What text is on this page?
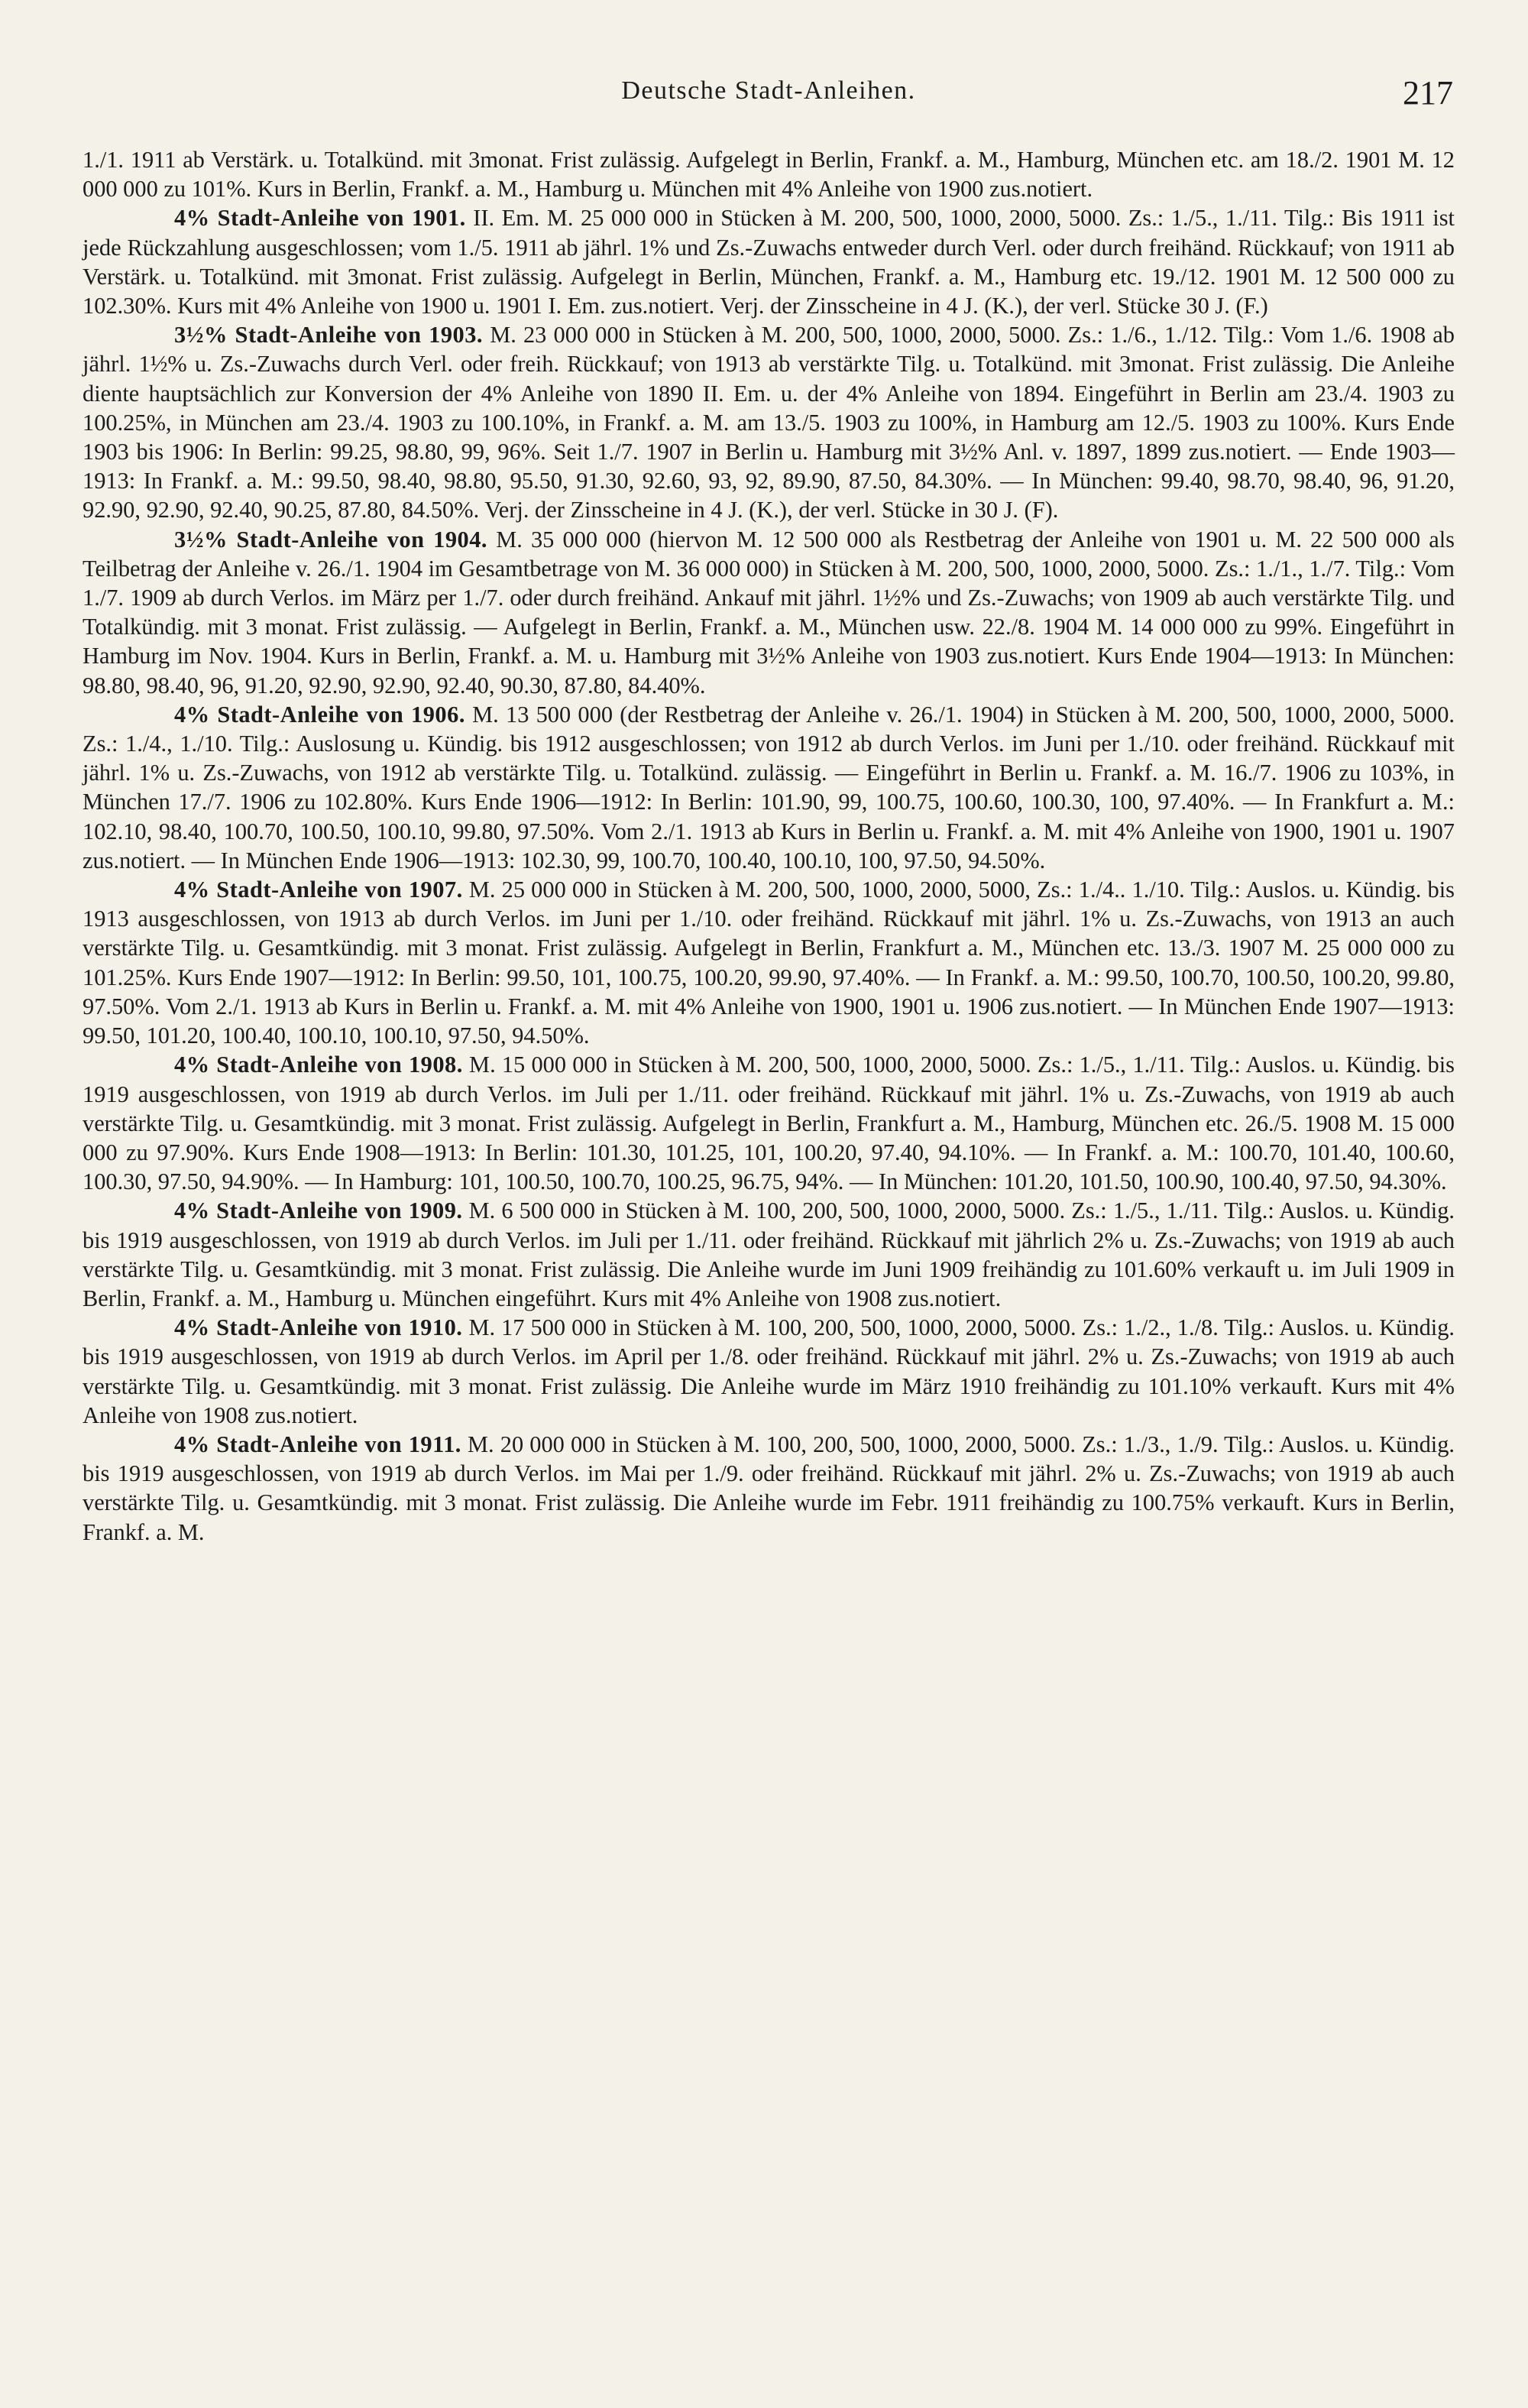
Deutsche Stadt-Anleihen.	217

1./1. 1911 ab Verstärk. u. Totalkünd. mit 3monat. Frist zulässig. Aufgelegt in Berlin, Frankf. a. M., Hamburg, München etc. am 18./2. 1901 M. 12 000 000 zu 101%. Kurs in Berlin, Frankf. a. M., Hamburg u. München mit 4% Anleihe von 1900 zus.notiert.

4% Stadt-Anleihe von 1901. II. Em. M. 25 000 000 in Stücken à M. 200, 500, 1000, 2000, 5000. Zs.: 1./5., 1./11. Tilg.: Bis 1911 ist jede Rückzahlung ausgeschlossen; vom 1./5. 1911 ab jährl. 1% und Zs.-Zuwachs entweder durch Verl. oder durch freihänd. Rückkauf; von 1911 ab Verstärk. u. Totalkünd. mit 3monat. Frist zulässig. Aufgelegt in Berlin, München, Frankf. a. M., Hamburg etc. 19./12. 1901 M. 12 500 000 zu 102.30%. Kurs mit 4% Anleihe von 1900 u. 1901 I. Em. zus.notiert. Verj. der Zinsscheine in 4 J. (K.), der verl. Stücke 30 J. (F.)

3½% Stadt-Anleihe von 1903. M. 23 000 000 in Stücken à M. 200, 500, 1000, 2000, 5000. Zs.: 1./6., 1./12. Tilg.: Vom 1./6. 1908 ab jährl. 1½% u. Zs.-Zuwachs durch Verl. oder freih. Rückkauf; von 1913 ab verstärkte Tilg. u. Totalkünd. mit 3monat. Frist zulässig. Die Anleihe diente hauptsächlich zur Konversion der 4% Anleihe von 1890 II. Em. u. der 4% Anleihe von 1894. Eingeführt in Berlin am 23./4. 1903 zu 100.25%, in München am 23./4. 1903 zu 100.10%, in Frankf. a. M. am 13./5. 1903 zu 100%, in Hamburg am 12./5. 1903 zu 100%. Kurs Ende 1903 bis 1906: In Berlin: 99.25, 98.80, 99, 96%. Seit 1./7. 1907 in Berlin u. Hamburg mit 3½% Anl. v. 1897, 1899 zus.notiert. — Ende 1903—1913: In Frankf. a. M.: 99.50, 98.40, 98.80, 95.50, 91.30, 92.60, 93, 92, 89.90, 87.50, 84.30%. — In München: 99.40, 98.70, 98.40, 96, 91.20, 92.90, 92.90, 92.40, 90.25, 87.80, 84.50%. Verj. der Zinsscheine in 4 J. (K.), der verl. Stücke in 30 J. (F).

3½% Stadt-Anleihe von 1904. M. 35 000 000 (hiervon M. 12 500 000 als Restbetrag der Anleihe von 1901 u. M. 22 500 000 als Teilbetrag der Anleihe v. 26./1. 1904 im Gesamtbetrage von M. 36 000 000) in Stücken à M. 200, 500, 1000, 2000, 5000. Zs.: 1./1., 1./7. Tilg.: Vom 1./7. 1909 ab durch Verlos. im März per 1./7. oder durch freihänd. Ankauf mit jährl. 1½% und Zs.-Zuwachs; von 1909 ab auch verstärkte Tilg. und Totalkündig. mit 3 monat. Frist zulässig. — Aufgelegt in Berlin, Frankf. a. M., München usw. 22./8. 1904 M. 14 000 000 zu 99%. Eingeführt in Hamburg im Nov. 1904. Kurs in Berlin, Frankf. a. M. u. Hamburg mit 3½% Anleihe von 1903 zus.notiert. Kurs Ende 1904—1913: In München: 98.80, 98.40, 96, 91.20, 92.90, 92.90, 92.40, 90.30, 87.80, 84.40%.

4% Stadt-Anleihe von 1906. M. 13 500 000 (der Restbetrag der Anleihe v. 26./1. 1904) in Stücken à M. 200, 500, 1000, 2000, 5000. Zs.: 1./4., 1./10. Tilg.: Auslosung u. Kündig. bis 1912 ausgeschlossen; von 1912 ab durch Verlos. im Juni per 1./10. oder freihänd. Rückkauf mit jährl. 1% u. Zs.-Zuwachs, von 1912 ab verstärkte Tilg. u. Totalkünd. zulässig. — Eingeführt in Berlin u. Frankf. a. M. 16./7. 1906 zu 103%, in München 17./7. 1906 zu 102.80%. Kurs Ende 1906—1912: In Berlin: 101.90, 99, 100.75, 100.60, 100.30, 100, 97.40%. — In Frankfurt a. M.: 102.10, 98.40, 100.70, 100.50, 100.10, 99.80, 97.50%. Vom 2./1. 1913 ab Kurs in Berlin u. Frankf. a. M. mit 4% Anleihe von 1900, 1901 u. 1907 zus.notiert. — In München Ende 1906—1913: 102.30, 99, 100.70, 100.40, 100.10, 100, 97.50, 94.50%.

4% Stadt-Anleihe von 1907. M. 25 000 000 in Stücken à M. 200, 500, 1000, 2000, 5000, Zs.: 1./4.. 1./10. Tilg.: Auslos. u. Kündig. bis 1913 ausgeschlossen, von 1913 ab durch Verlos. im Juni per 1./10. oder freihänd. Rückkauf mit jährl. 1% u. Zs.-Zuwachs, von 1913 an auch verstärkte Tilg. u. Gesamtkündig. mit 3 monat. Frist zulässig. Aufgelegt in Berlin, Frankfurt a. M., München etc. 13./3. 1907 M. 25 000 000 zu 101.25%. Kurs Ende 1907—1912: In Berlin: 99.50, 101, 100.75, 100.20, 99.90, 97.40%. — In Frankf. a. M.: 99.50, 100.70, 100.50, 100.20, 99.80, 97.50%. Vom 2./1. 1913 ab Kurs in Berlin u. Frankf. a. M. mit 4% Anleihe von 1900, 1901 u. 1906 zus.notiert. — In München Ende 1907—1913: 99.50, 101.20, 100.40, 100.10, 100.10, 97.50, 94.50%.

4% Stadt-Anleihe von 1908. M. 15 000 000 in Stücken à M. 200, 500, 1000, 2000, 5000. Zs.: 1./5., 1./11. Tilg.: Auslos. u. Kündig. bis 1919 ausgeschlossen, von 1919 ab durch Verlos. im Juli per 1./11. oder freihänd. Rückkauf mit jährl. 1% u. Zs.-Zuwachs, von 1919 ab auch verstärkte Tilg. u. Gesamtkündig. mit 3 monat. Frist zulässig. Aufgelegt in Berlin, Frankfurt a. M., Hamburg, München etc. 26./5. 1908 M. 15 000 000 zu 97.90%. Kurs Ende 1908—1913: In Berlin: 101.30, 101.25, 101, 100.20, 97.40, 94.10%. — In Frankf. a. M.: 100.70, 101.40, 100.60, 100.30, 97.50, 94.90%. — In Hamburg: 101, 100.50, 100.70, 100.25, 96.75, 94%. — In München: 101.20, 101.50, 100.90, 100.40, 97.50, 94.30%.

4% Stadt-Anleihe von 1909. M. 6 500 000 in Stücken à M. 100, 200, 500, 1000, 2000, 5000. Zs.: 1./5., 1./11. Tilg.: Auslos. u. Kündig. bis 1919 ausgeschlossen, von 1919 ab durch Verlos. im Juli per 1./11. oder freihänd. Rückkauf mit jährlich 2% u. Zs.-Zuwachs; von 1919 ab auch verstärkte Tilg. u. Gesamtkündig. mit 3 monat. Frist zulässig. Die Anleihe wurde im Juni 1909 freihändig zu 101.60% verkauft u. im Juli 1909 in Berlin, Frankf. a. M., Hamburg u. München eingeführt. Kurs mit 4% Anleihe von 1908 zus.notiert.

4% Stadt-Anleihe von 1910. M. 17 500 000 in Stücken à M. 100, 200, 500, 1000, 2000, 5000. Zs.: 1./2., 1./8. Tilg.: Auslos. u. Kündig. bis 1919 ausgeschlossen, von 1919 ab durch Verlos. im April per 1./8. oder freihänd. Rückkauf mit jährl. 2% u. Zs.-Zuwachs; von 1919 ab auch verstärkte Tilg. u. Gesamtkündig. mit 3 monat. Frist zulässig. Die Anleihe wurde im März 1910 freihändig zu 101.10% verkauft. Kurs mit 4% Anleihe von 1908 zus.notiert.

4% Stadt-Anleihe von 1911. M. 20 000 000 in Stücken à M. 100, 200, 500, 1000, 2000, 5000. Zs.: 1./3., 1./9. Tilg.: Auslos. u. Kündig. bis 1919 ausgeschlossen, von 1919 ab durch Verlos. im Mai per 1./9. oder freihänd. Rückkauf mit jährl. 2% u. Zs.-Zuwachs; von 1919 ab auch verstärkte Tilg. u. Gesamtkündig. mit 3 monat. Frist zulässig. Die Anleihe wurde im Febr. 1911 freihändig zu 100.75% verkauft. Kurs in Berlin, Frankf. a. M.
